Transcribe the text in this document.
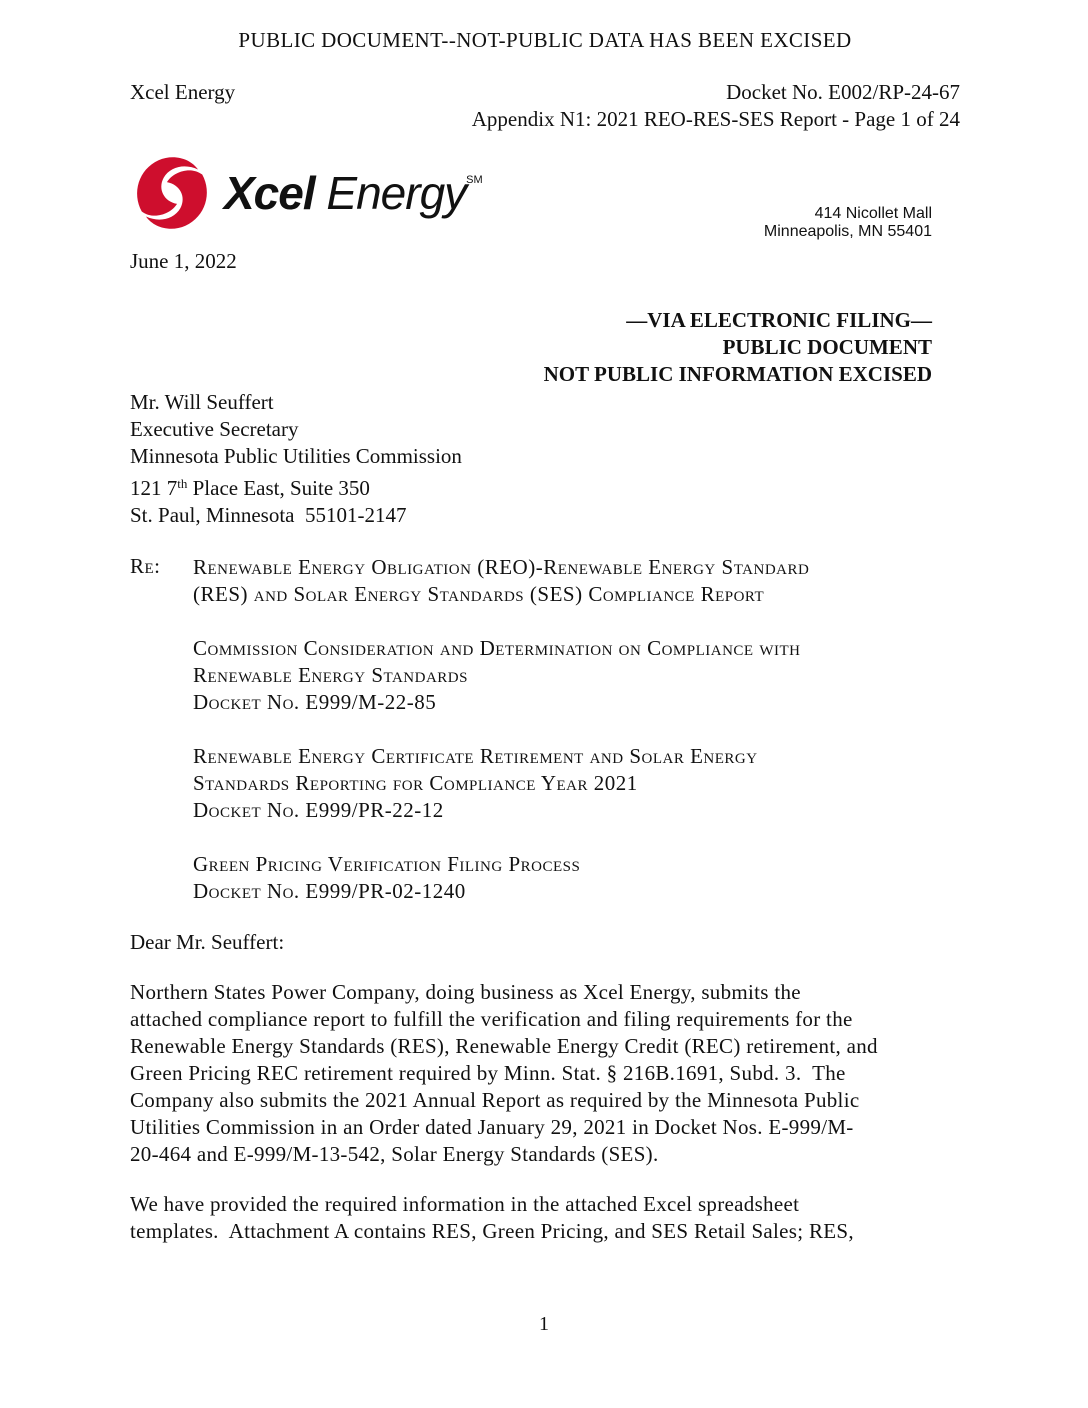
PUBLIC DOCUMENT--NOT-PUBLIC DATA HAS BEEN EXCISED
Xcel Energy	Docket No. E002/RP-24-67
Appendix N1: 2021 REO-RES-SES Report - Page 1 of 24
Xcel Energy℠
414 Nicollet Mall
Minneapolis, MN 55401
June 1, 2022
—VIA ELECTRONIC FILING—
PUBLIC DOCUMENT
NOT PUBLIC INFORMATION EXCISED
Mr. Will Seuffert
Executive Secretary
Minnesota Public Utilities Commission
121 7th Place East, Suite 350
St. Paul, Minnesota  55101-2147
Re:	Renewable Energy Obligation (REO)-Renewable Energy Standard
(RES) and Solar Energy Standards (SES) Compliance Report
Commission Consideration and Determination on Compliance with
Renewable Energy Standards
Docket No. E999/M-22-85
Renewable Energy Certificate Retirement and Solar Energy
Standards Reporting for Compliance Year 2021
Docket No. E999/PR-22-12
Green Pricing Verification Filing Process
Docket No. E999/PR-02-1240
Dear Mr. Seuffert:
Northern States Power Company, doing business as Xcel Energy, submits the
attached compliance report to fulfill the verification and filing requirements for the
Renewable Energy Standards (RES), Renewable Energy Credit (REC) retirement, and
Green Pricing REC retirement required by Minn. Stat. § 216B.1691, Subd. 3.  The
Company also submits the 2021 Annual Report as required by the Minnesota Public
Utilities Commission in an Order dated January 29, 2021 in Docket Nos. E-999/M-
20-464 and E-999/M-13-542, Solar Energy Standards (SES).
We have provided the required information in the attached Excel spreadsheet
templates.  Attachment A contains RES, Green Pricing, and SES Retail Sales; RES,
1
